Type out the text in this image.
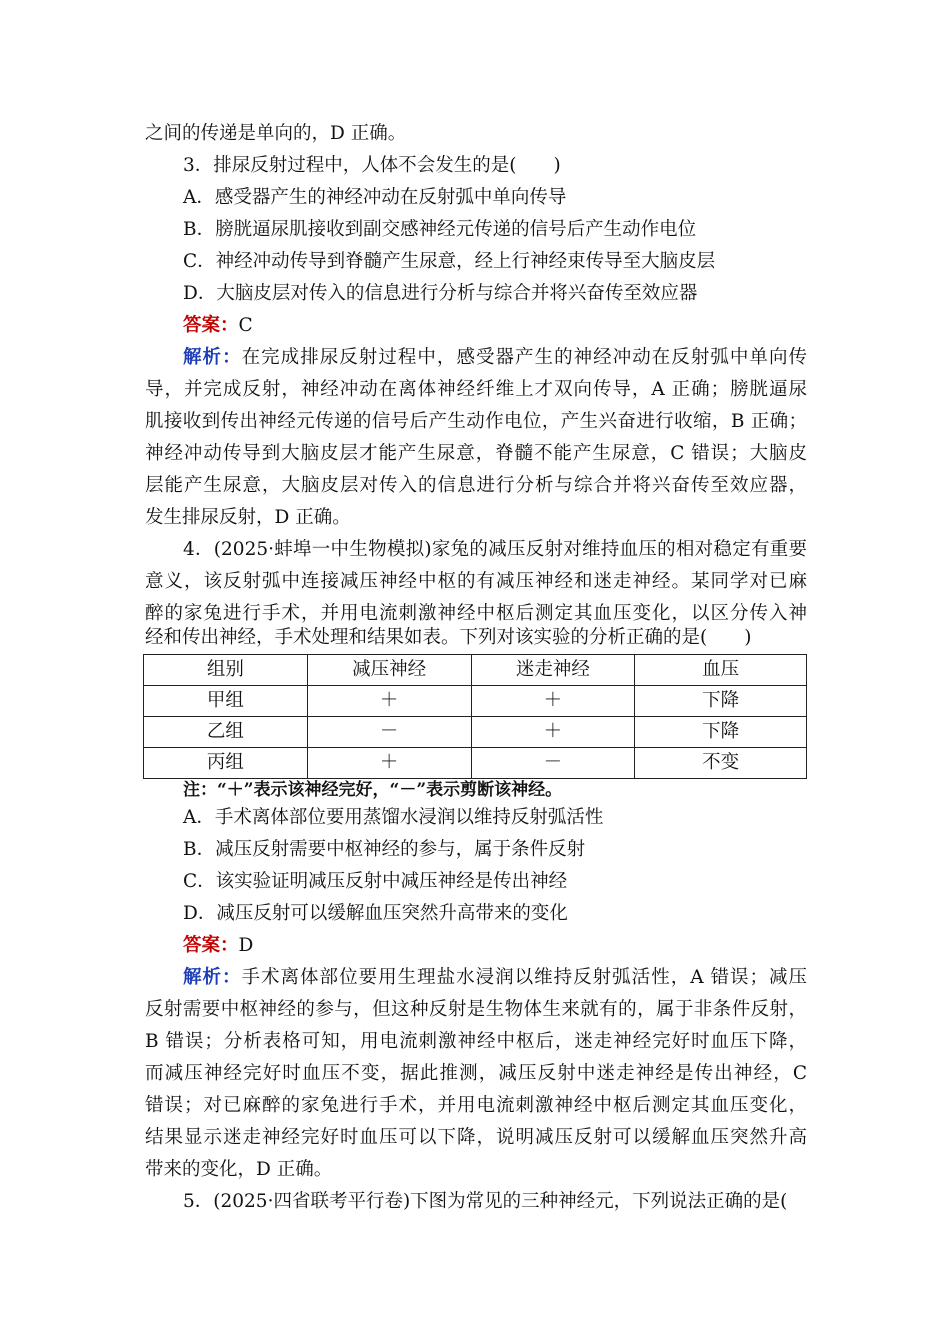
之间的传递是单向的，D 正确。
3．排尿反射过程中，人体不会发生的是(　　)
A．感受器产生的神经冲动在反射弧中单向传导
B．膀胱逼尿肌接收到副交感神经元传递的信号后产生动作电位
C．神经冲动传导到脊髓产生尿意，经上行神经束传导至大脑皮层
D．大脑皮层对传入的信息进行分析与综合并将兴奋传至效应器
答案：C
解析：在完成排尿反射过程中，感受器产生的神经冲动在反射弧中单向传
导，并完成反射，神经冲动在离体神经纤维上才双向传导，A 正确；膀胱逼尿
肌接收到传出神经元传递的信号后产生动作电位，产生兴奋进行收缩，B 正确；
神经冲动传导到大脑皮层才能产生尿意，脊髓不能产生尿意，C 错误；大脑皮
层能产生尿意，大脑皮层对传入的信息进行分析与综合并将兴奋传至效应器，
发生排尿反射，D 正确。
4．(2025·蚌埠一中生物模拟)家兔的减压反射对维持血压的相对稳定有重要
意义，该反射弧中连接减压神经中枢的有减压神经和迷走神经。某同学对已麻
醉的家兔进行手术，并用电流刺激神经中枢后测定其血压变化，以区分传入神
经和传出神经，手术处理和结果如表。下列对该实验的分析正确的是(　　)
组别	减压神经	迷走神经	血压
甲组	＋	＋	下降
乙组	－	＋	下降
丙组	＋	－	不变
注：“＋”表示该神经完好，“－”表示剪断该神经。
A．手术离体部位要用蒸馏水浸润以维持反射弧活性
B．减压反射需要中枢神经的参与，属于条件反射
C．该实验证明减压反射中减压神经是传出神经
D．减压反射可以缓解血压突然升高带来的变化
答案：D
解析：手术离体部位要用生理盐水浸润以维持反射弧活性，A 错误；减压
反射需要中枢神经的参与，但这种反射是生物体生来就有的，属于非条件反射，
B 错误；分析表格可知，用电流刺激神经中枢后，迷走神经完好时血压下降，
而减压神经完好时血压不变，据此推测，减压反射中迷走神经是传出神经，C
错误；对已麻醉的家兔进行手术，并用电流刺激神经中枢后测定其血压变化，
结果显示迷走神经完好时血压可以下降，说明减压反射可以缓解血压突然升高
带来的变化，D 正确。
5．(2025·四省联考平行卷)下图为常见的三种神经元，下列说法正确的是(
